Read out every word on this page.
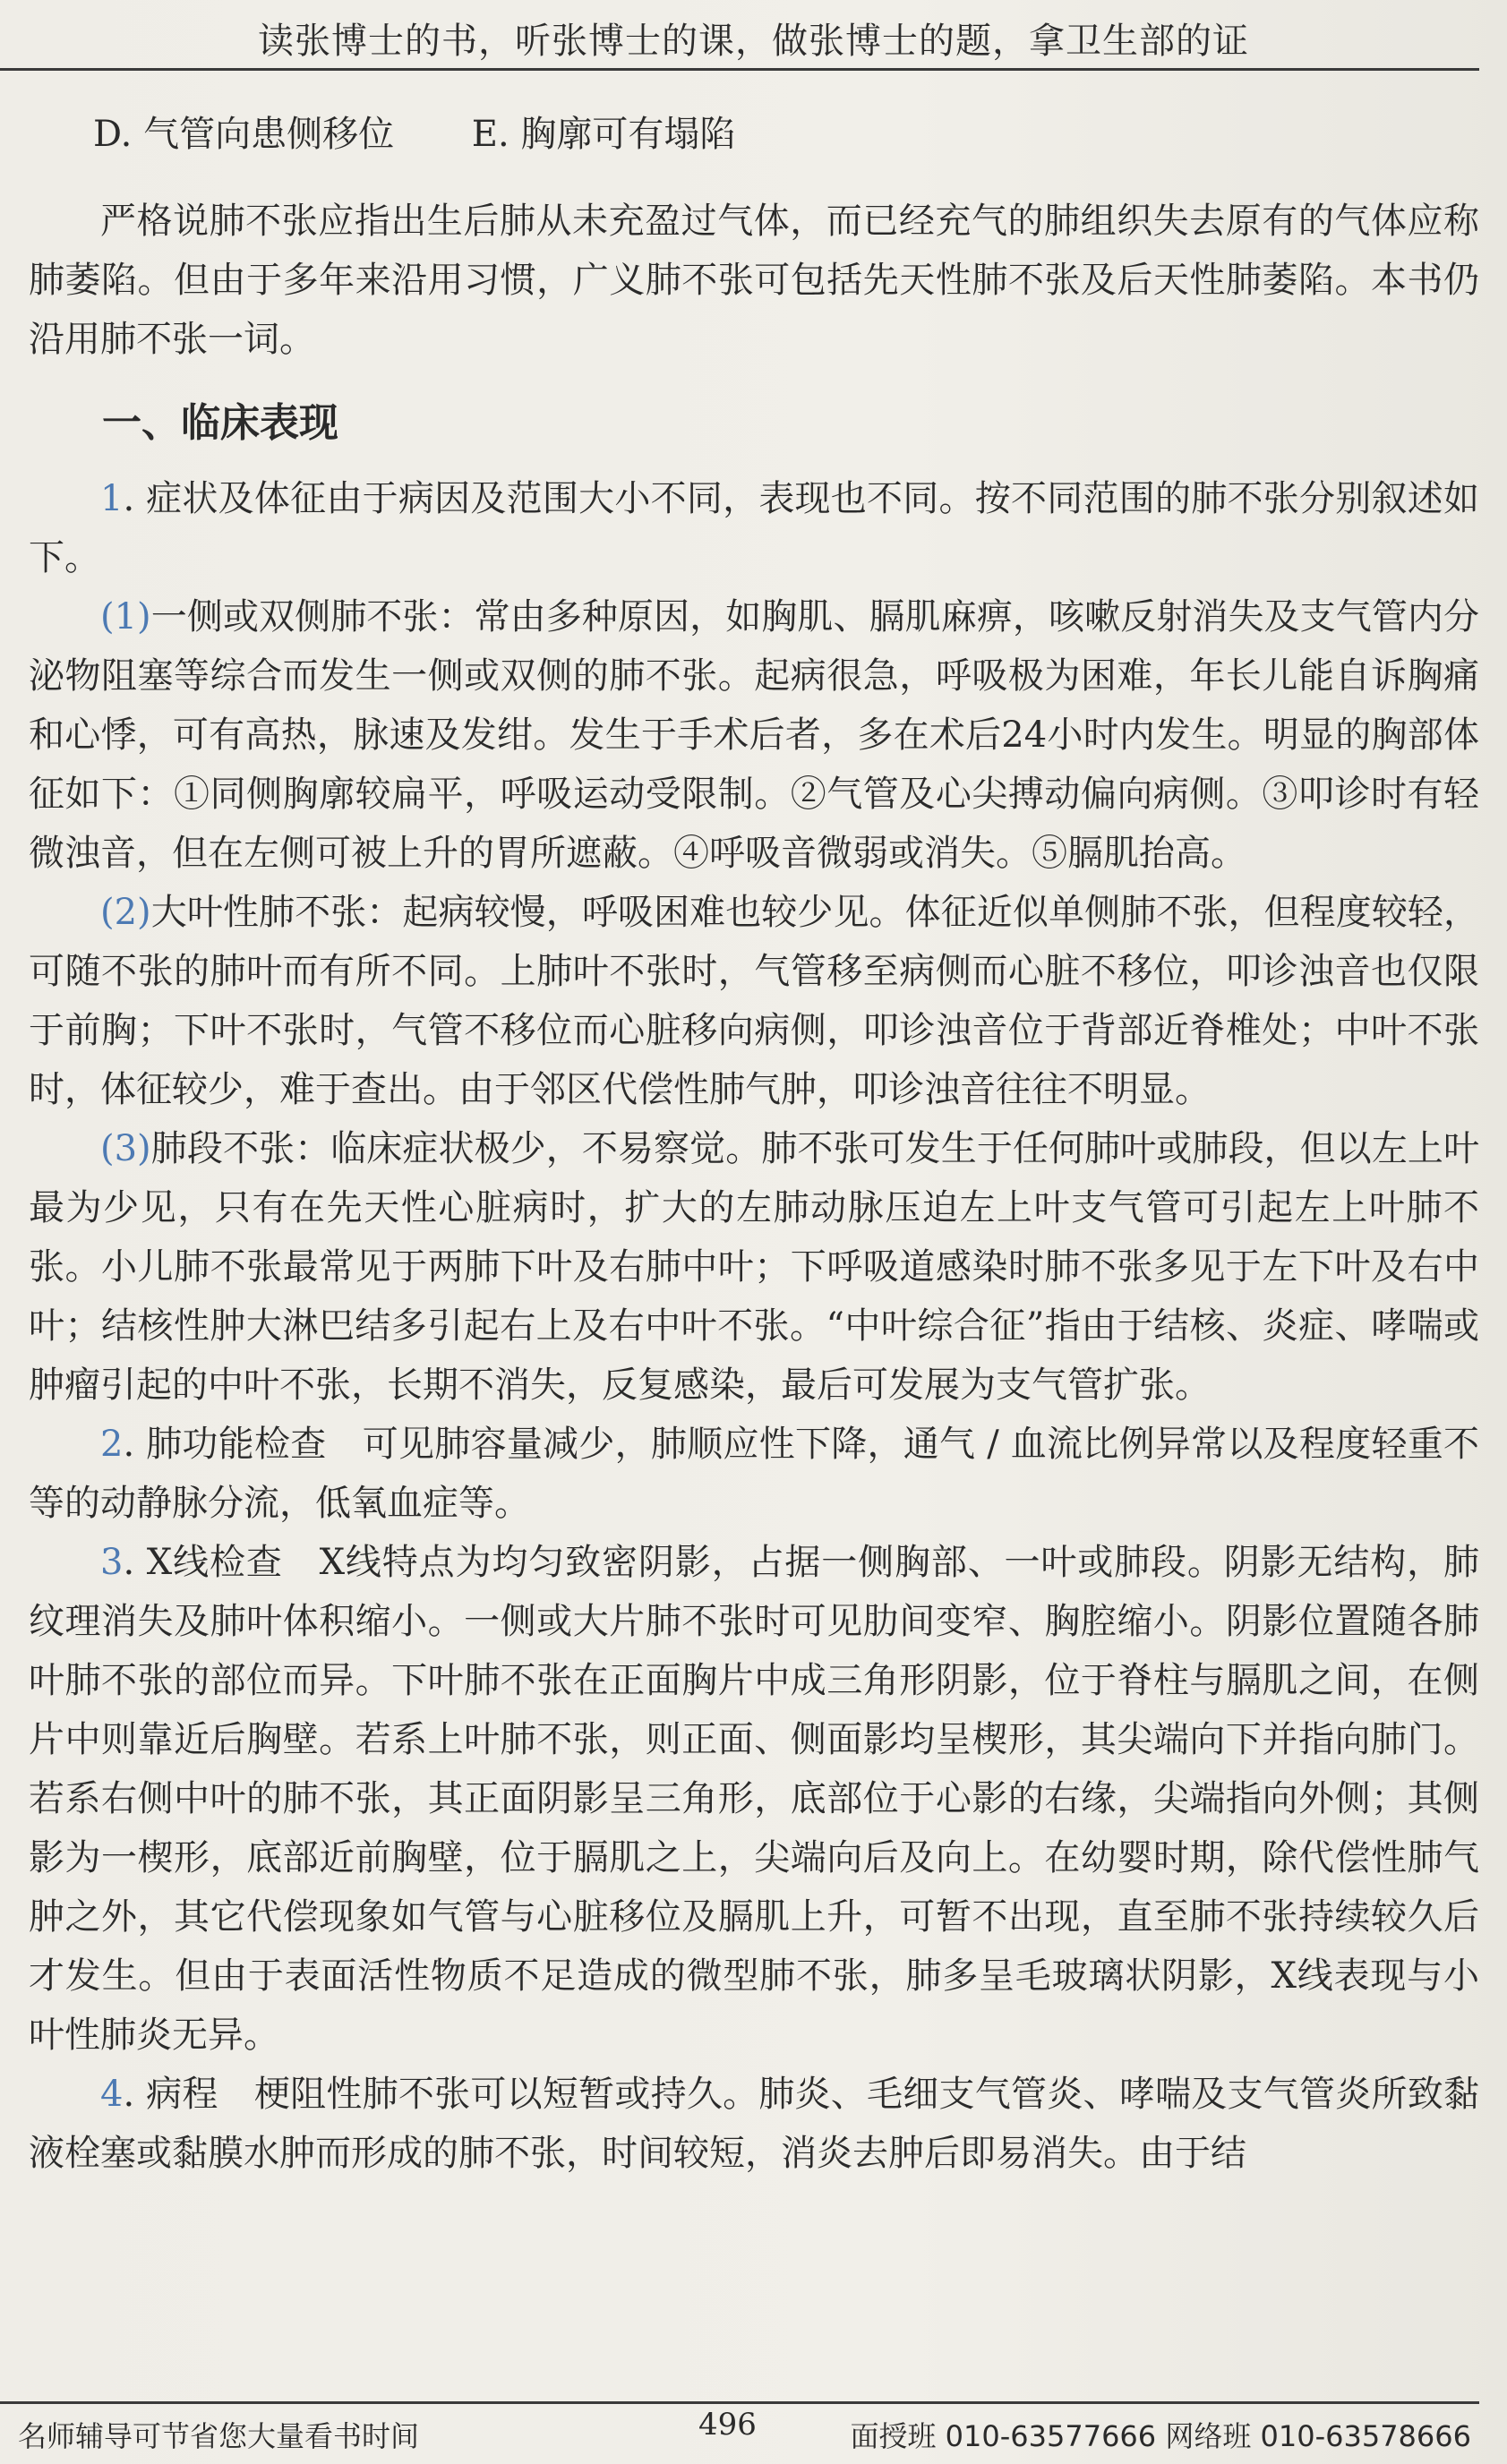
读张博士的书，听张博士的课，做张博士的题，拿卫生部的证
D. 气管向患侧移位 E. 胸廓可有塌陷

严格说肺不张应指出生后肺从未充盈过气体，而已经充气的肺组织失去原有的气体应称肺萎陷。但由于多年来沿用习惯，广义肺不张可包括先天性肺不张及后天性肺萎陷。本书仍沿用肺不张一词。

一、临床表现

1. 症状及体征由于病因及范围大小不同，表现也不同。按不同范围的肺不张分别叙述如下。

(1)一侧或双侧肺不张：常由多种原因，如胸肌、膈肌麻痹，咳嗽反射消失及支气管内分泌物阻塞等综合而发生一侧或双侧的肺不张。起病很急，呼吸极为困难，年长儿能自诉胸痛和心悸，可有高热，脉速及发绀。发生于手术后者，多在术后24小时内发生。明显的胸部体征如下：①同侧胸廓较扁平，呼吸运动受限制。②气管及心尖搏动偏向病侧。③叩诊时有轻微浊音，但在左侧可被上升的胃所遮蔽。④呼吸音微弱或消失。⑤膈肌抬高。

(2)大叶性肺不张：起病较慢，呼吸困难也较少见。体征近似单侧肺不张，但程度较轻，可随不张的肺叶而有所不同。上肺叶不张时，气管移至病侧而心脏不移位，叩诊浊音也仅限于前胸；下叶不张时，气管不移位而心脏移向病侧，叩诊浊音位于背部近脊椎处；中叶不张时，体征较少，难于查出。由于邻区代偿性肺气肿，叩诊浊音往往不明显。

(3)肺段不张：临床症状极少，不易察觉。肺不张可发生于任何肺叶或肺段，但以左上叶最为少见，只有在先天性心脏病时，扩大的左肺动脉压迫左上叶支气管可引起左上叶肺不张。小儿肺不张最常见于两肺下叶及右肺中叶；下呼吸道感染时肺不张多见于左下叶及右中叶；结核性肿大淋巴结多引起右上及右中叶不张。“中叶综合征”指由于结核、炎症、哮喘或肿瘤引起的中叶不张，长期不消失，反复感染，最后可发展为支气管扩张。

2. 肺功能检查　可见肺容量减少，肺顺应性下降，通气 / 血流比例异常以及程度轻重不等的动静脉分流，低氧血症等。

3. X线检查　X线特点为均匀致密阴影，占据一侧胸部、一叶或肺段。阴影无结构，肺纹理消失及肺叶体积缩小。一侧或大片肺不张时可见肋间变窄、胸腔缩小。阴影位置随各肺叶肺不张的部位而异。下叶肺不张在正面胸片中成三角形阴影，位于脊柱与膈肌之间，在侧片中则靠近后胸壁。若系上叶肺不张，则正面、侧面影均呈楔形，其尖端向下并指向肺门。若系右侧中叶的肺不张，其正面阴影呈三角形，底部位于心影的右缘，尖端指向外侧；其侧影为一楔形，底部近前胸壁，位于膈肌之上，尖端向后及向上。在幼婴时期，除代偿性肺气肿之外，其它代偿现象如气管与心脏移位及膈肌上升，可暂不出现，直至肺不张持续较久后才发生。但由于表面活性物质不足造成的微型肺不张，肺多呈毛玻璃状阴影，X线表现与小叶性肺炎无异。

4. 病程　梗阻性肺不张可以短暂或持久。肺炎、毛细支气管炎、哮喘及支气管炎所致黏液栓塞或黏膜水肿而形成的肺不张，时间较短，消炎去肿后即易消失。由于结

名师辅导可节省您大量看书时间	496	面授班 010-63577666 网络班 010-63578666
